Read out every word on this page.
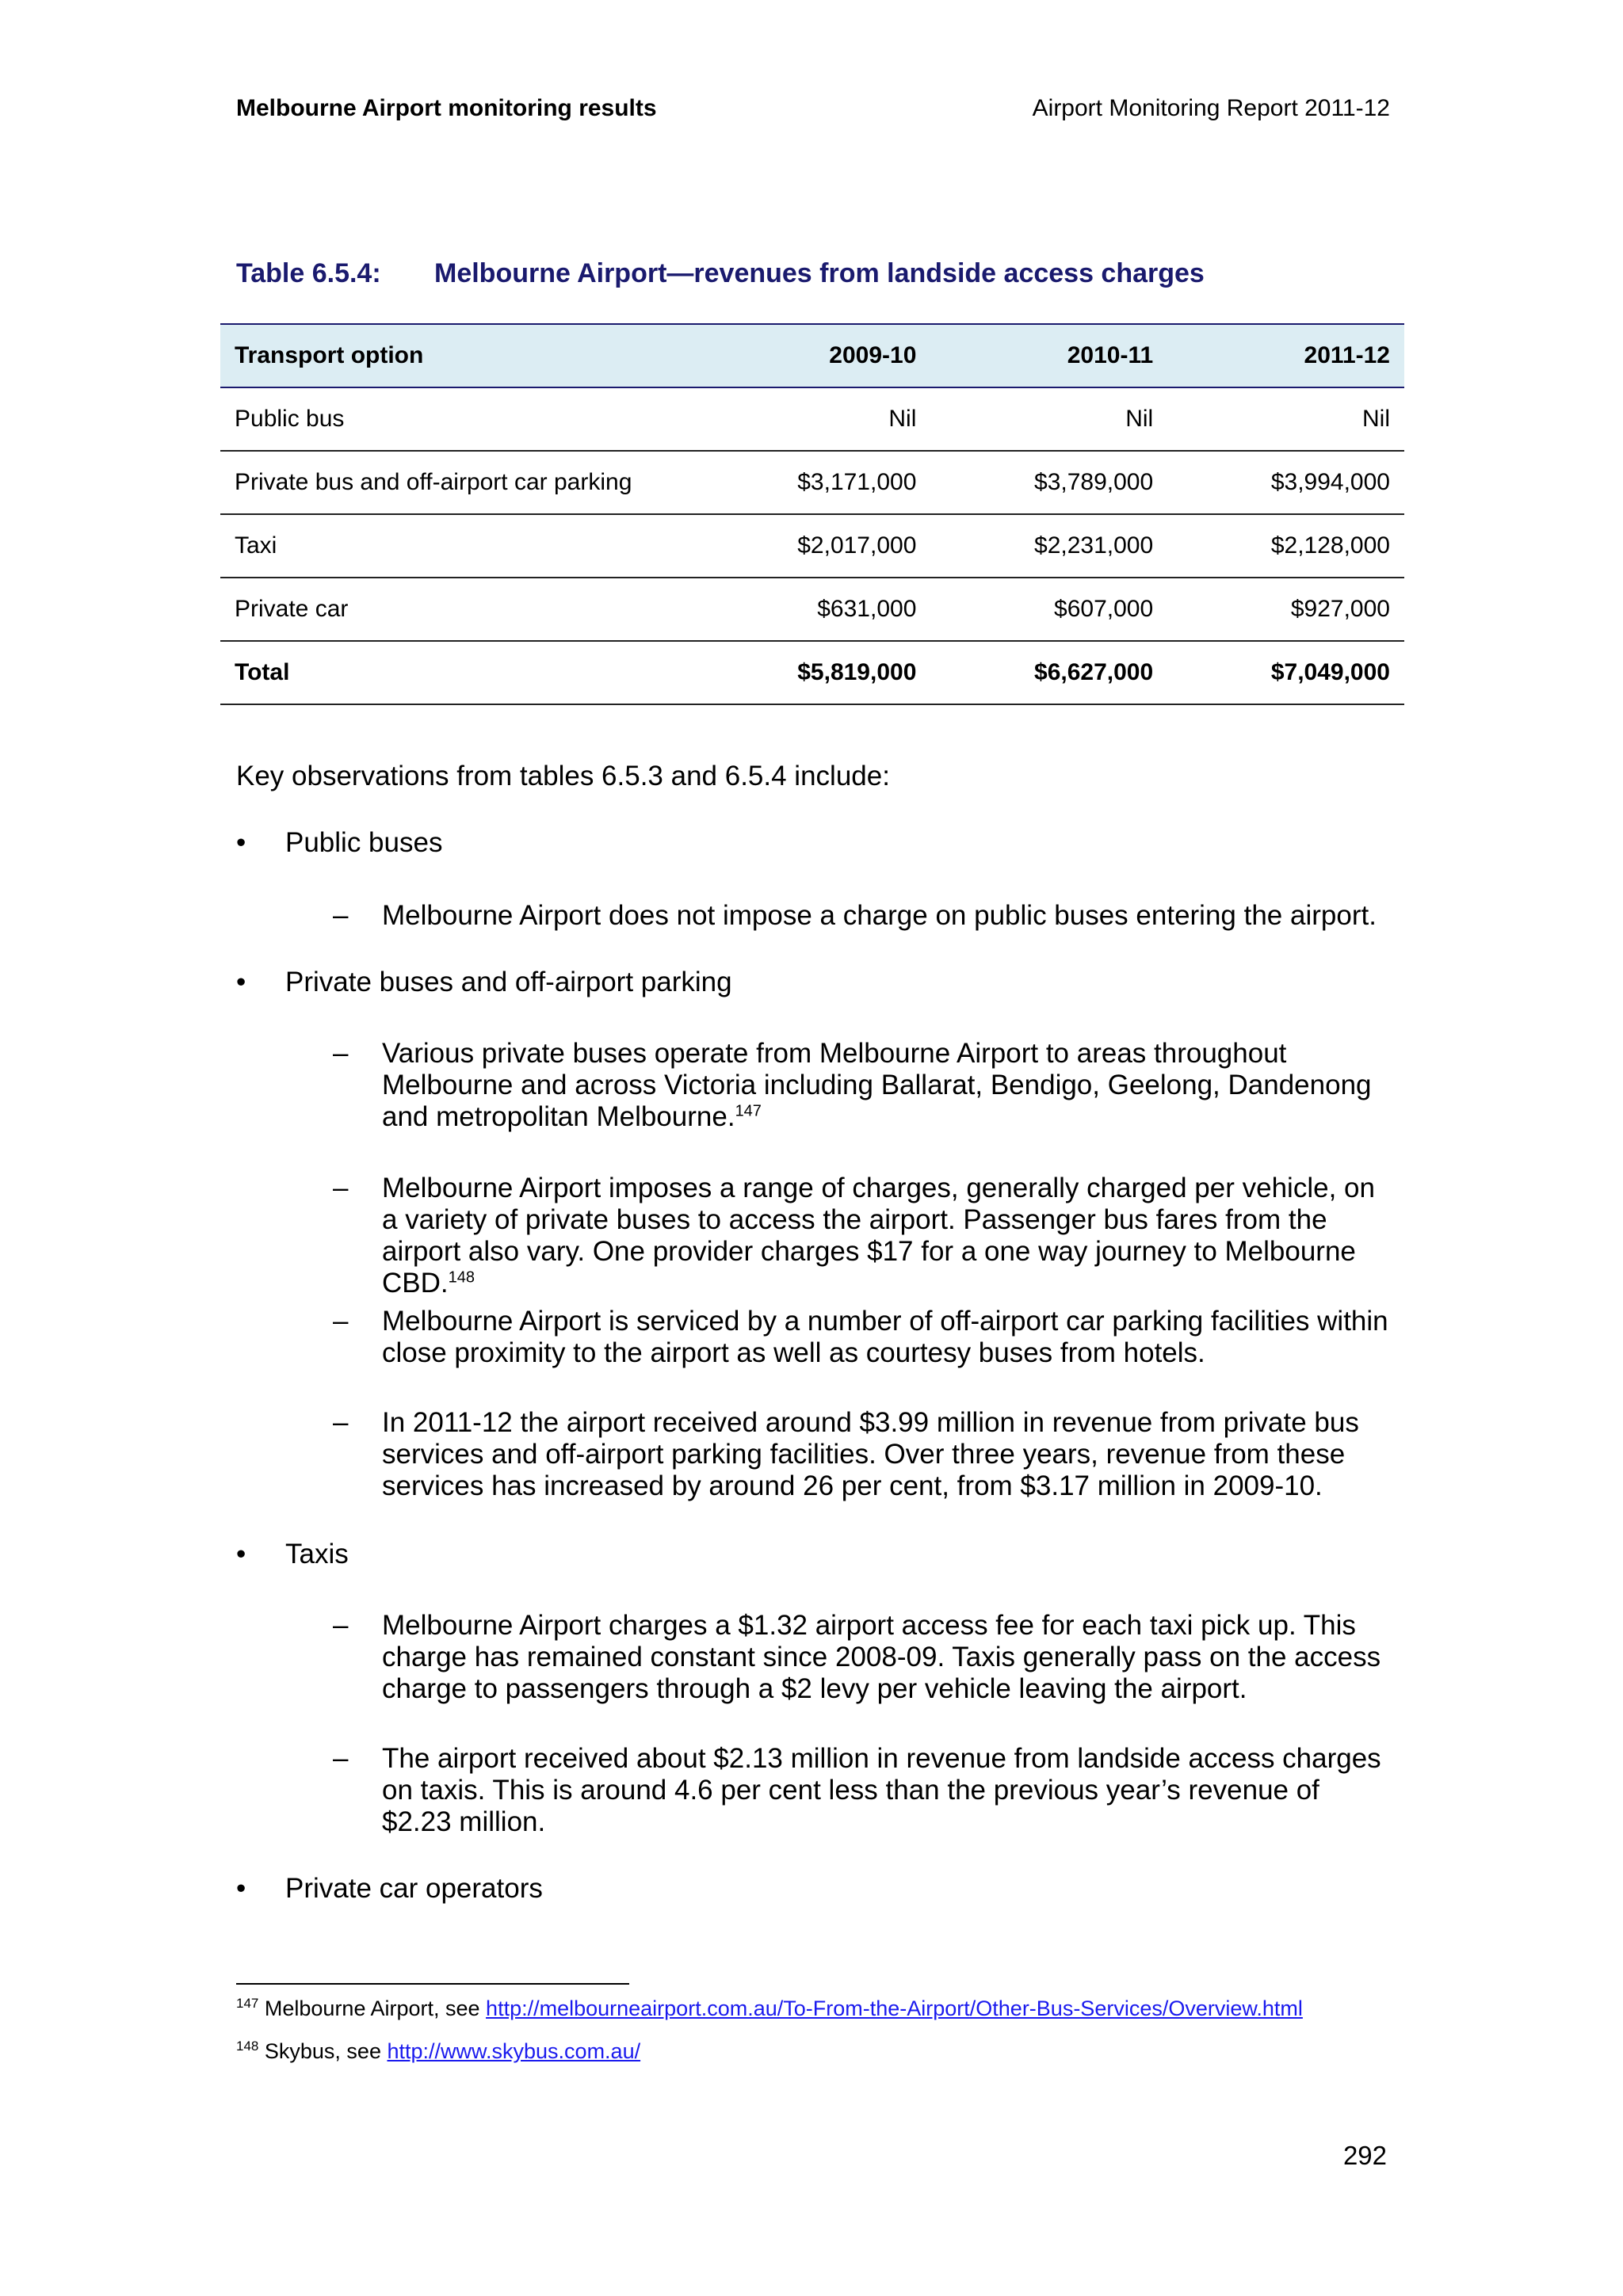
Melbourne Airport monitoring results	Airport Monitoring Report 2011-12
Table 6.5.4: Melbourne Airport—revenues from landside access charges
Transport option	2009-10	2010-11	2011-12
Public bus	Nil	Nil	Nil
Private bus and off-airport car parking	$3,171,000	$3,789,000	$3,994,000
Taxi	$2,017,000	$2,231,000	$2,128,000
Private car	$631,000	$607,000	$927,000
Total	$5,819,000	$6,627,000	$7,049,000
Key observations from tables 6.5.3 and 6.5.4 include:
• Public buses
– Melbourne Airport does not impose a charge on public buses entering the airport.
• Private buses and off-airport parking
– Various private buses operate from Melbourne Airport to areas throughout Melbourne and across Victoria including Ballarat, Bendigo, Geelong, Dandenong and metropolitan Melbourne.$^{147}$
– Melbourne Airport imposes a range of charges, generally charged per vehicle, on a variety of private buses to access the airport. Passenger bus fares from the airport also vary. One provider charges $17 for a one way journey to Melbourne CBD.$^{148}$
– Melbourne Airport is serviced by a number of off-airport car parking facilities within close proximity to the airport as well as courtesy buses from hotels.
– In 2011-12 the airport received around $3.99 million in revenue from private bus services and off-airport parking facilities. Over three years, revenue from these services has increased by around 26 per cent, from $3.17 million in 2009-10.
• Taxis
– Melbourne Airport charges a $1.32 airport access fee for each taxi pick up. This charge has remained constant since 2008-09. Taxis generally pass on the access charge to passengers through a $2 levy per vehicle leaving the airport.
– The airport received about $2.13 million in revenue from landside access charges on taxis. This is around 4.6 per cent less than the previous year’s revenue of $2.23 million.
• Private car operators
$^{147}$ Melbourne Airport, see http://melbourneairport.com.au/To-From-the-Airport/Other-Bus-Services/Overview.html
$^{148}$ Skybus, see http://www.skybus.com.au/
292
